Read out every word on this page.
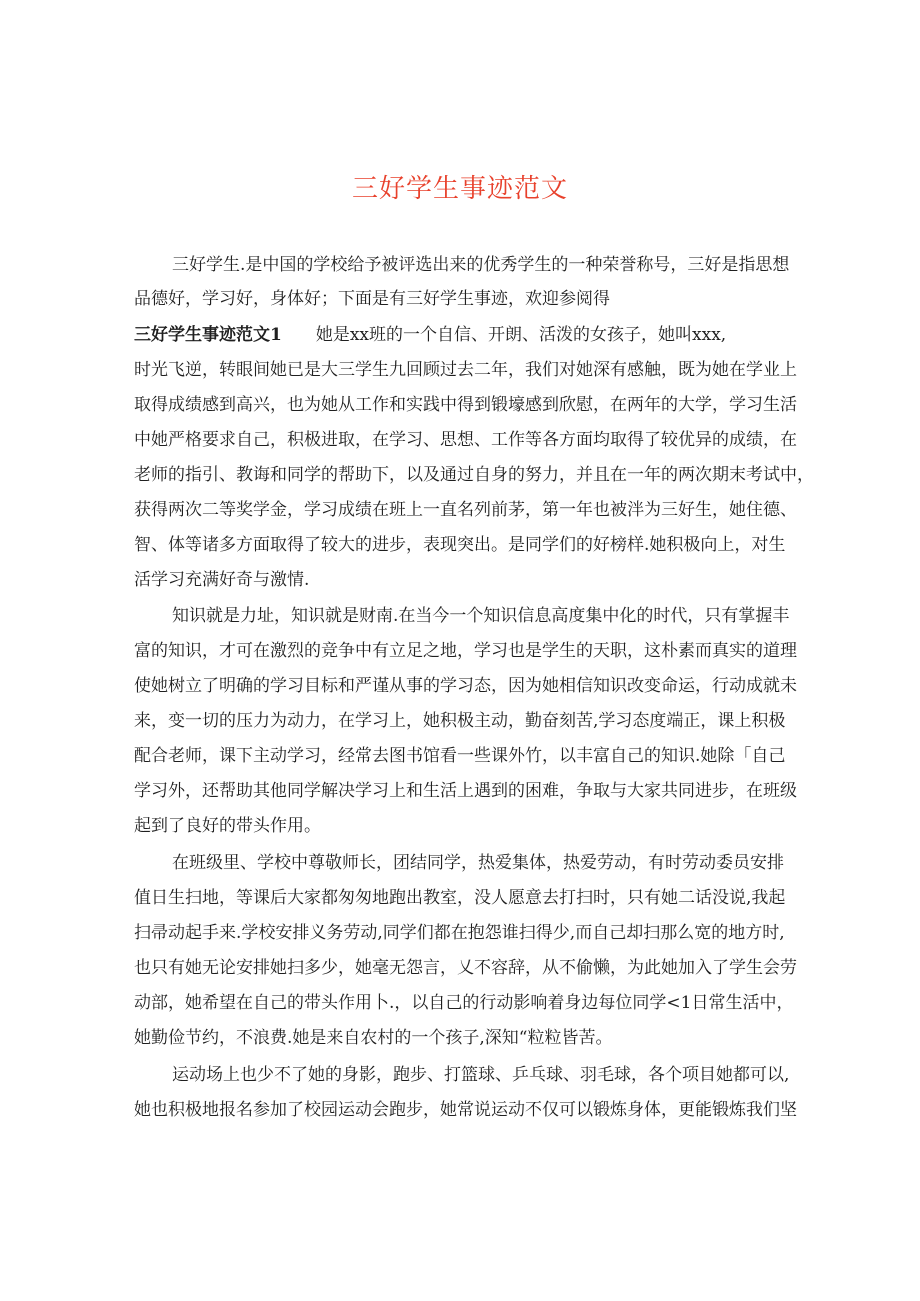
三好学生事迹范文
三好学生.是中国的学校给予被评选出来的优秀学生的一种荣誉称号，三好是指思想
品德好，学习好，身体好；下面是有三好学生事迹，欢迎参阅得
三好学生事迹范文1 她是xx班的一个自信、开朗、活泼的女孩子，她叫xxx,
时光飞逆，转眼间她已是大三学生九回顾过去二年，我们对她深有感触，既为她在学业上
取得成绩感到高兴，也为她从工作和实践中得到锻壕感到欣慰，在两年的大学，学习生活
中她严格要求自己，积极进取，在学习、思想、工作等各方面均取得了较优异的成绩，在
老师的指引、教诲和同学的帮助下，以及通过自身的努力，并且在一年的两次期末考试中，
获得两次二等奖学金，学习成绩在班上一直名列前茅，第一年也被泮为三好生，她住德、
智、体等诸多方面取得了较大的进步，表现突出。是同学们的好榜样.她积极向上，对生
活学习充满好奇与激情.
知识就是力址，知识就是财南.在当今一个知识信息高度集中化的时代，只有掌握丰
富的知识，才可在激烈的竞争中有立足之地，学习也是学生的天职，这朴素而真实的道理
使她树立了明确的学习目标和严谨从事的学习态，因为她相信知识改变命运，行动成就未
来，变一切的压力为动力，在学习上，她积极主动，勤奋刻苦,学习态度端正，课上积极
配合老师，课下主动学习，经常去图书馆看一些课外竹，以丰富自己的知识.她除「自己
学习外，还帮助其他同学解决学习上和生活上遇到的困难，争取与大家共同进步，在班级
起到了良好的带头作用。
在班级里、学校中尊敬师长，团结同学，热爱集体，热爱劳动，有时劳动委员安排
值日生扫地，等课后大家都匆匆地跑出教室，没人愿意去打扫时，只有她二话没说,我起
扫帚动起手来.学校安排义务劳动,同学们都在抱怨谁扫得少,而自己却扫那么宽的地方时,
也只有她无论安排她扫多少，她毫无怨言，乂不容辞，从不偷懒，为此她加入了学生会劳
动部，她希望在自己的带头作用卜.，以自己的行动影响着身边每位同学<1日常生活中，
她勤俭节约，不浪费.她是来自农村的一个孩子,深知“粒粒皆苦。
运动场上也少不了她的身影，跑步、打篮球、乒乓球、羽毛球，各个项目她都可以,
她也积极地报名参加了校园运动会跑步，她常说运动不仅可以锻炼身体，更能锻炼我们坚
